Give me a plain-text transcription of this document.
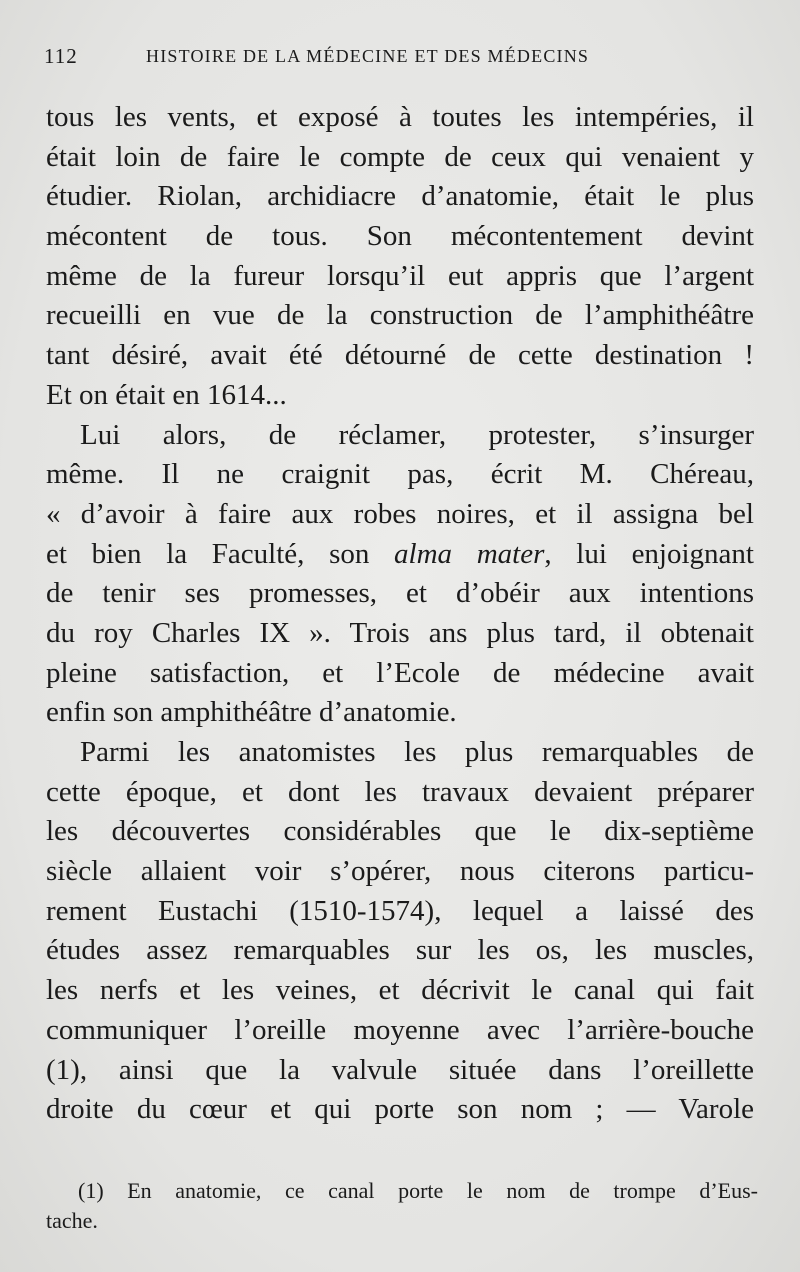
112	HISTOIRE DE LA MÉDECINE ET DES MÉDECINS
tous les vents, et exposé à toutes les intempéries, il
était loin de faire le compte de ceux qui venaient y
étudier. Riolan, archidiacre d’anatomie, était le plus
mécontent de tous. Son mécontentement devint
même de la fureur lorsqu’il eut appris que l’argent
recueilli en vue de la construction de l’amphithéâtre
tant désiré, avait été détourné de cette destination !
Et on était en 1614...
Lui alors, de réclamer, protester, s’insurger
même. Il ne craignit pas, écrit M. Chéreau,
« d’avoir à faire aux robes noires, et il assigna bel
et bien la Faculté, son alma mater, lui enjoignant
de tenir ses promesses, et d’obéir aux intentions
du roy Charles IX ». Trois ans plus tard, il obtenait
pleine satisfaction, et l’Ecole de médecine avait
enfin son amphithéâtre d’anatomie.
Parmi les anatomistes les plus remarquables de
cette époque, et dont les travaux devaient préparer
les découvertes considérables que le dix-septième
siècle allaient voir s’opérer, nous citerons particu-
rement Eustachi (1510-1574), lequel a laissé des
études assez remarquables sur les os, les muscles,
les nerfs et les veines, et décrivit le canal qui fait
communiquer l’oreille moyenne avec l’arrière-bouche
(1), ainsi que la valvule située dans l’oreillette
droite du cœur et qui porte son nom ; — Varole
(1) En anatomie, ce canal porte le nom de trompe d’Eus-
tache.
